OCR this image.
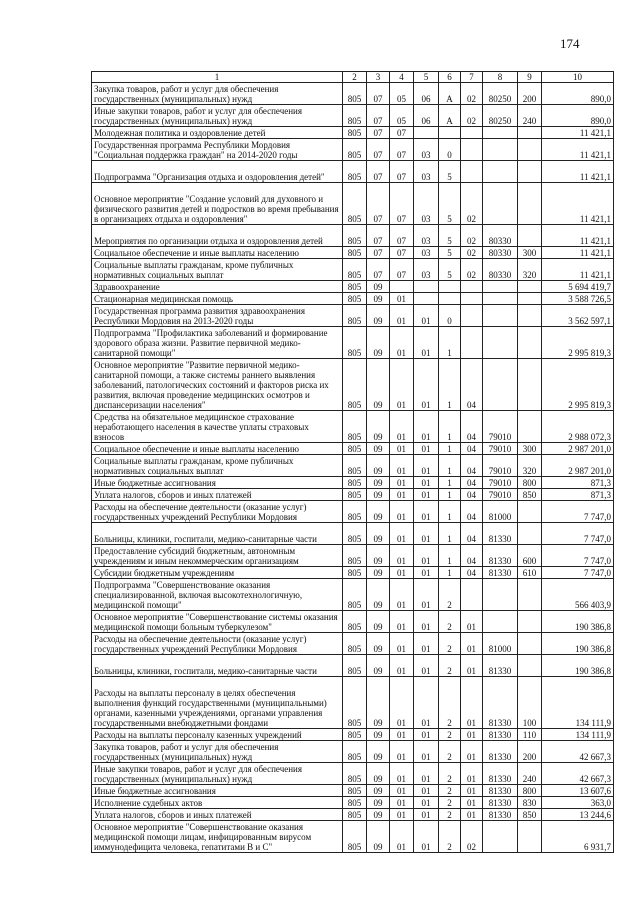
174
1	2	3	4	5	6	7	8	9	10
Закупка товаров, работ и услуг для обеспечения государственных (муниципальных) нужд	805	07	05	06	А	02	80250	200	890,0
Иные закупки товаров, работ и услуг для обеспечения государственных (муниципальных) нужд	805	07	05	06	А	02	80250	240	890,0
Молодежная политика и оздоровление детей	805	07	07						11 421,1
Государственная программа Республики Мордовия "Социальная поддержка граждан" на 2014-2020 годы	805	07	07	03	0				11 421,1
Подпрограмма "Организация отдыха и оздоровления детей"	805	07	07	03	5				11 421,1
Основное мероприятие "Создание условий для духовного и физического развития детей и подростков во время пребывания в организациях отдыха и оздоровления"	805	07	07	03	5	02			11 421,1
Мероприятия по организации отдыха и оздоровления детей	805	07	07	03	5	02	80330		11 421,1
Социальное обеспечение и иные выплаты населению	805	07	07	03	5	02	80330	300	11 421,1
Социальные выплаты гражданам, кроме публичных нормативных социальных выплат	805	07	07	03	5	02	80330	320	11 421,1
Здравоохранение	805	09							5 694 419,7
Стационарная медицинская помощь	805	09	01						3 588 726,5
Государственная программа развития здравоохранения Республики Мордовия на 2013-2020 годы	805	09	01	01	0				3 562 597,1
Подпрограмма "Профилактика заболеваний и формирование здорового образа жизни. Развитие первичной медико-санитарной помощи"	805	09	01	01	1				2 995 819,3
Основное мероприятие "Развитие первичной медико-санитарной помощи, а также системы раннего выявления заболеваний, патологических состояний и факторов риска их развития, включая проведение медицинских осмотров и диспансеризации населения"	805	09	01	01	1	04			2 995 819,3
Средства на обязательное медицинское страхование неработающего населения в качестве уплаты страховых взносов	805	09	01	01	1	04	79010		2 988 072,3
Социальное обеспечение и иные выплаты населению	805	09	01	01	1	04	79010	300	2 987 201,0
Социальные выплаты гражданам, кроме публичных нормативных социальных выплат	805	09	01	01	1	04	79010	320	2 987 201,0
Иные бюджетные ассигнования	805	09	01	01	1	04	79010	800	871,3
Уплата налогов, сборов и иных платежей	805	09	01	01	1	04	79010	850	871,3
Расходы на обеспечение деятельности (оказание услуг) государственных учреждений Республики Мордовия	805	09	01	01	1	04	81000		7 747,0
Больницы, клиники, госпитали, медико-санитарные части	805	09	01	01	1	04	81330		7 747,0
Предоставление субсидий бюджетным, автономным учреждениям и иным некоммерческим организациям	805	09	01	01	1	04	81330	600	7 747,0
Субсидии бюджетным учреждениям	805	09	01	01	1	04	81330	610	7 747,0
Подпрограмма "Совершенствование оказания специализированной, включая высокотехнологичную, медицинской помощи"	805	09	01	01	2				566 403,9
Основное мероприятие "Совершенствование системы оказания медицинской помощи больным туберкулезом"	805	09	01	01	2	01			190 386,8
Расходы на обеспечение деятельности (оказание услуг) государственных учреждений Республики Мордовия	805	09	01	01	2	01	81000		190 386,8
Больницы, клиники, госпитали, медико-санитарные части	805	09	01	01	2	01	81330		190 386,8
Расходы на выплаты персоналу в целях обеспечения выполнения функций государственными (муниципальными) органами, казенными учреждениями, органами управления государственными внебюджетными фондами	805	09	01	01	2	01	81330	100	134 111,9
Расходы на выплаты персоналу казенных учреждений	805	09	01	01	2	01	81330	110	134 111,9
Закупка товаров, работ и услуг для обеспечения государственных (муниципальных) нужд	805	09	01	01	2	01	81330	200	42 667,3
Иные закупки товаров, работ и услуг для обеспечения государственных (муниципальных) нужд	805	09	01	01	2	01	81330	240	42 667,3
Иные бюджетные ассигнования	805	09	01	01	2	01	81330	800	13 607,6
Исполнение судебных актов	805	09	01	01	2	01	81330	830	363,0
Уплата налогов, сборов и иных платежей	805	09	01	01	2	01	81330	850	13 244,6
Основное мероприятие "Совершенствование оказания медицинской помощи лицам, инфицированным вирусом иммунодефицита человека, гепатитами В и С"	805	09	01	01	2	02			6 931,7
